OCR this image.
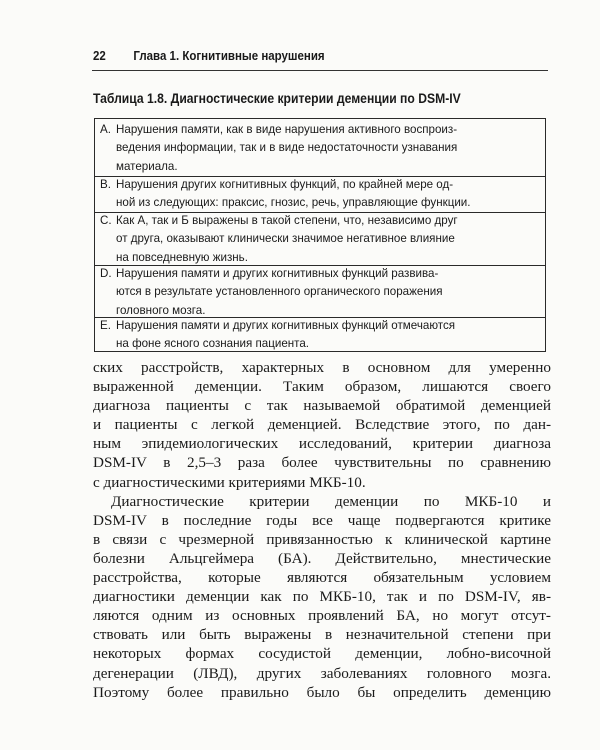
22 Глава 1. Когнитивные нарушения
Таблица 1.8. Диагностические критерии деменции по DSM-IV
A. Нарушения памяти, как в виде нарушения активного воспроиз-
ведения информации, так и в виде недостаточности узнавания
материала.
B. Нарушения других когнитивных функций, по крайней мере од-
ной из следующих: праксис, гнозис, речь, управляющие функции.
C. Как А, так и Б выражены в такой степени, что, независимо друг
от друга, оказывают клинически значимое негативное влияние
на повседневную жизнь.
D. Нарушения памяти и других когнитивных функций развива-
ются в результате установленного органического поражения
головного мозга.
E. Нарушения памяти и других когнитивных функций отмечаются
на фоне ясного сознания пациента.
ских расстройств, характерных в основном для умеренно
выраженной деменции. Таким образом, лишаются своего
диагноза пациенты с так называемой обратимой деменцией
и пациенты с легкой деменцией. Вследствие этого, по дан-
ным эпидемиологических исследований, критерии диагноза
DSM-IV в 2,5–3 раза более чувствительны по сравнению
с диагностическими критериями МКБ-10.
Диагностические критерии деменции по МКБ-10 и
DSM-IV в последние годы все чаще подвергаются критике
в связи с чрезмерной привязанностью к клинической картине
болезни Альцгеймера (БА). Действительно, мнестические
расстройства, которые являются обязательным условием
диагностики деменции как по МКБ-10, так и по DSM-IV, яв-
ляются одним из основных проявлений БА, но могут отсут-
ствовать или быть выражены в незначительной степени при
некоторых формах сосудистой деменции, лобно-височной
дегенерации (ЛВД), других заболеваниях головного мозга.
Поэтому более правильно было бы определить деменцию
